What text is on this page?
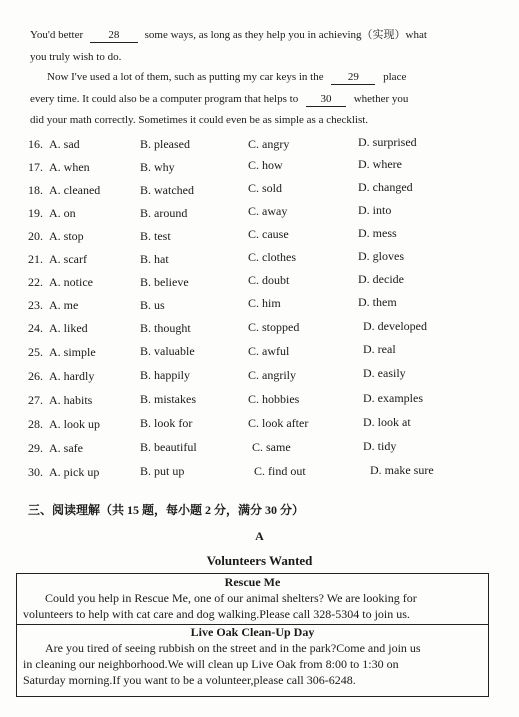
You'd better 28 some ways, as long as they help you in achieving（实现）what
you truly wish to do.
Now I've used a lot of them, such as putting my car keys in the 29 place
every time. It could also be a computer program that helps to 30 whether you
did your math correctly. Sometimes it could even be as simple as a checklist.
16. A. sad	B. pleased	C. angry	D. surprised
17. A. when	B. why	C. how	D. where
18. A. cleaned	B. watched	C. sold	D. changed
19. A. on	B. around	C. away	D. into
20. A. stop	B. test	C. cause	D. mess
21. A. scarf	B. hat	C. clothes	D. gloves
22. A. notice	B. believe	C. doubt	D. decide
23. A. me	B. us	C. him	D. them
24. A. liked	B. thought	C. stopped	D. developed
25. A. simple	B. valuable	C. awful	D. real
26. A. hardly	B. happily	C. angrily	D. easily
27. A. habits	B. mistakes	C. hobbies	D. examples
28. A. look up	B. look for	C. look after	D. look at
29. A. safe	B. beautiful	C. same	D. tidy
30. A. pick up	B. put up	C. find out	D. make sure
三、阅读理解（共 15 题，每小题 2 分，满分 30 分）
A
Volunteers Wanted
Rescue Me
Could you help in Rescue Me, one of our animal shelters? We are looking for
volunteers to help with cat care and dog walking.Please call 328-5304 to join us.
Live Oak Clean-Up Day
Are you tired of seeing rubbish on the street and in the park?Come and join us
in cleaning our neighborhood.We will clean up Live Oak from 8:00 to 1:30 on
Saturday morning.If you want to be a volunteer,please call 306-6248.
